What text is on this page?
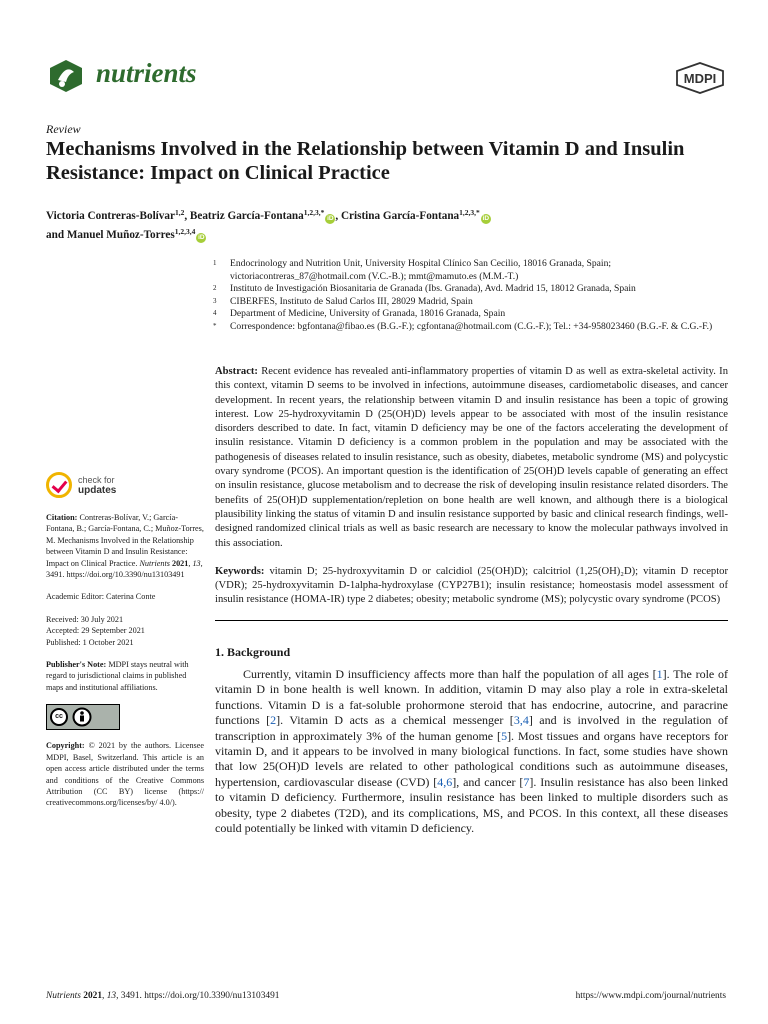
nutrients	MDPI
Review
Mechanisms Involved in the Relationship between Vitamin D and Insulin Resistance: Impact on Clinical Practice
Victoria Contreras-Bolívar$^{1,2}$, Beatriz García-Fontana$^{1,2,3,*}$iD , Cristina García-Fontana$^{1,2,3,*}$iD
and Manuel Muñoz-Torres$^{1,2,3,4}$iD
1	Endocrinology and Nutrition Unit, University Hospital Clínico San Cecilio, 18016 Granada, Spain; victoriacontreras_87@hotmail.com (V.C.-B.); mmt@mamuto.es (M.M.-T.)
2	Instituto de Investigación Biosanitaria de Granada (Ibs. Granada), Avd. Madrid 15, 18012 Granada, Spain
3	CIBERFES, Instituto de Salud Carlos III, 28029 Madrid, Spain
4	Department of Medicine, University of Granada, 18016 Granada, Spain
*	Correspondence: bgfontana@fibao.es (B.G.-F.); cgfontana@hotmail.com (C.G.-F.); Tel.: +34-958023460 (B.G.-F. & C.G.-F.)
check for
updates
Citation: Contreras-Bolívar, V.; García-Fontana, B.; García-Fontana, C.; Muñoz-Torres, M. Mechanisms Involved in the Relationship between Vitamin D and Insulin Resistance: Impact on Clinical Practice. Nutrients 2021, 13, 3491. https://doi.org/10.3390/nu13103491
Academic Editor: Caterina Conte
Received: 30 July 2021
Accepted: 29 September 2021
Published: 1 October 2021
Publisher's Note: MDPI stays neutral with regard to jurisdictional claims in published maps and institutional affiliations.
cc
Copyright: © 2021 by the authors. Licensee MDPI, Basel, Switzerland. This article is an open access article distributed under the terms and conditions of the Creative Commons Attribution (CC BY) license (https:// creativecommons.org/licenses/by/ 4.0/).
Abstract: Recent evidence has revealed anti-inflammatory properties of vitamin D as well as extra-skeletal activity. In this context, vitamin D seems to be involved in infections, autoimmune diseases, cardiometabolic diseases, and cancer development. In recent years, the relationship between vitamin D and insulin resistance has been a topic of growing interest. Low 25-hydroxyvitamin D (25(OH)D) levels appear to be associated with most of the insulin resistance disorders described to date. In fact, vitamin D deficiency may be one of the factors accelerating the development of insulin resistance. Vitamin D deficiency is a common problem in the population and may be associated with the pathogenesis of diseases related to insulin resistance, such as obesity, diabetes, metabolic syndrome (MS) and polycystic ovary syndrome (PCOS). An important question is the identification of 25(OH)D levels capable of generating an effect on insulin resistance, glucose metabolism and to decrease the risk of developing insulin resistance related disorders. The benefits of 25(OH)D supplementation/repletion on bone health are well known, and although there is a biological plausibility linking the status of vitamin D and insulin resistance supported by basic and clinical research findings, well-designed randomized clinical trials as well as basic research are necessary to know the molecular pathways involved in this association.
Keywords: vitamin D; 25-hydroxyvitamin D or calcidiol (25(OH)D); calcitriol (1,25(OH)₂D); vitamin D receptor (VDR); 25-hydroxyvitamin D-1alpha-hydroxylase (CYP27B1); insulin resistance; homeostasis model assessment of insulin resistance (HOMA-IR) type 2 diabetes; obesity; metabolic syndrome (MS); polycystic ovary syndrome (PCOS)
1. Background

Currently, vitamin D insufficiency affects more than half the population of all ages [1]. The role of vitamin D in bone health is well known. In addition, vitamin D may also play a role in extra-skeletal functions. Vitamin D is a fat-soluble prohormone steroid that has endocrine, autocrine, and paracrine functions [2]. Vitamin D acts as a chemical messenger [3,4] and is involved in the regulation of transcription in approximately 3% of the human genome [5]. Most tissues and organs have receptors for vitamin D, and it appears to be involved in many biological functions. In fact, some studies have shown that low 25(OH)D levels are related to other pathological conditions such as autoimmune diseases, hypertension, cardiovascular disease (CVD) [4,6], and cancer [7]. Insulin resistance has also been linked to vitamin D deficiency. Furthermore, insulin resistance has been linked to multiple disorders such as obesity, type 2 diabetes (T2D), and its complications, MS, and PCOS. In this context, all these diseases could potentially be linked with vitamin D deficiency.

Nutrients 2021, 13, 3491. https://doi.org/10.3390/nu13103491	https://www.mdpi.com/journal/nutrients
